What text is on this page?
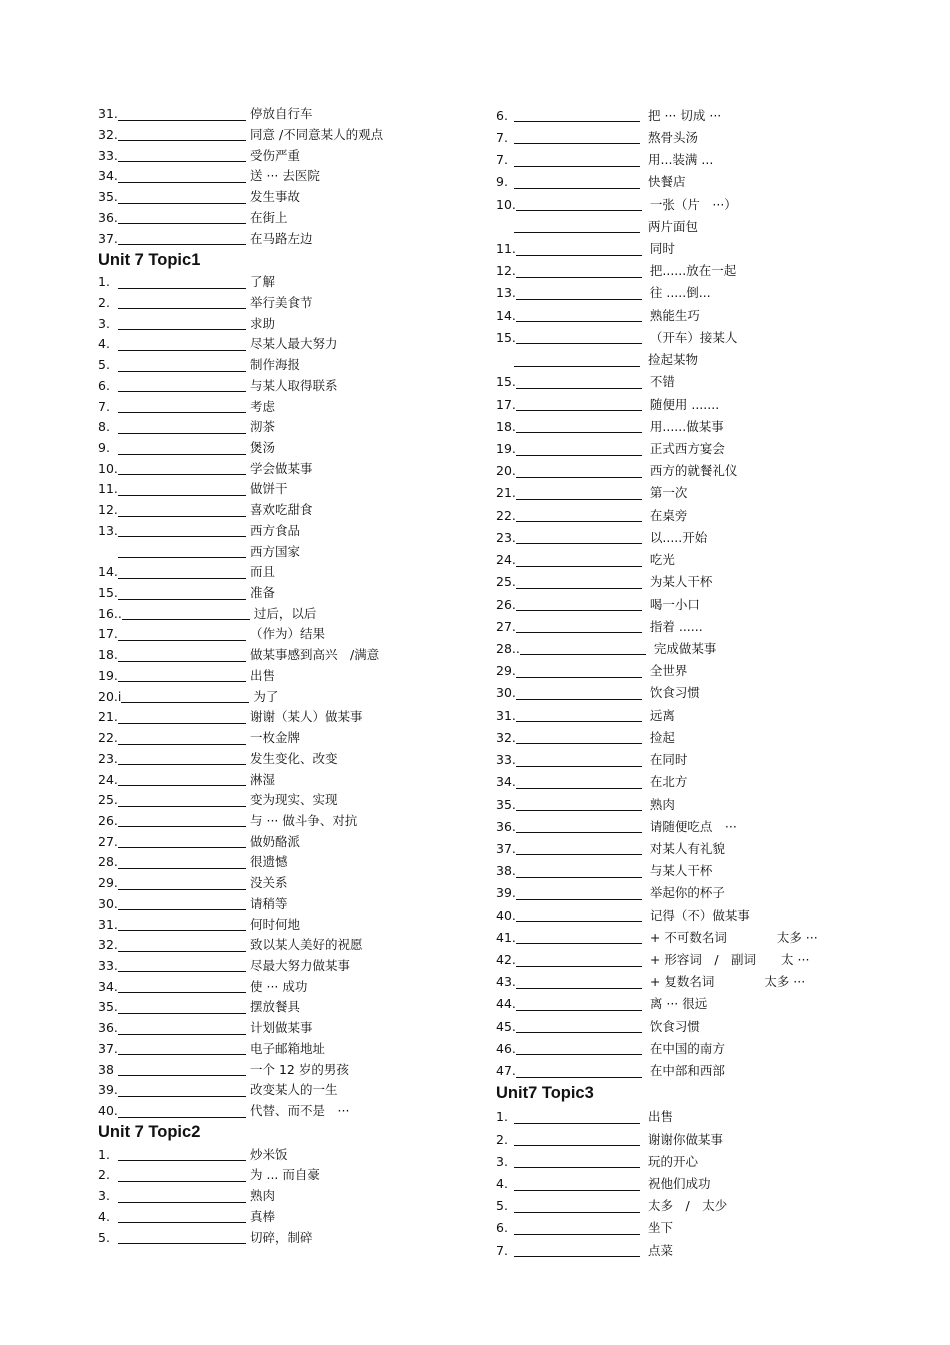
31.	停放自行车
32.	同意 /不同意某人的观点
33.	受伤严重
34.	送 ··· 去医院
35.	发生事故
36.	在街上
37.	在马路左边
Unit 7 Topic1
1.	了解
2.	举行美食节
3.	求助
4.	尽某人最大努力
5.	制作海报
6.	与某人取得联系
7.	考虑
8.	沏茶
9.	煲汤
10.	学会做某事
11.	做饼干
12.	喜欢吃甜食
13.	西方食品
西方国家
14.	而且
15.	准备
16..	过后，以后
17.	（作为）结果
18.	做某事感到高兴　/满意
19.	出售
20.i	为了
21.	谢谢（某人）做某事
22.	一枚金牌
23.	发生变化、改变
24.	淋湿
25.	变为现实、实现
26.	与 ··· 做斗争、对抗
27.	做奶酪派
28.	很遗憾
29.	没关系
30.	请稍等
31.	何时何地
32.	致以某人美好的祝愿
33.	尽最大努力做某事
34.	使 ··· 成功
35.	摆放餐具
36.	计划做某事
37.	电子邮箱地址
38	一个 12 岁的男孩
39.	改变某人的一生
40.	代替、而不是　···
Unit 7 Topic2
1.	炒米饭
2.	为 ... 而自豪
3.	熟肉
4.	真棒
5.	切碎，制碎
6.	把 ··· 切成 ···
7.	熬骨头汤
7.	用...装满 ...
9.	快餐店
10.	一张（片　···）
两片面包
11.	同时
12.	把......放在一起
13.	往 .....倒...
14.	熟能生巧
15.	（开车）接某人
捡起某物
15.	不错
17.	随便用 .......
18.	用......做某事
19.	正式西方宴会
20.	西方的就餐礼仪
21.	第一次
22.	在桌旁
23.	以.....开始
24.	吃光
25.	为某人干杯
26.	喝一小口
27.	指着 ......
28..	完成做某事
29.	全世界
30.	饮食习惯
31.	远离
32.	捡起
33.	在同时
34.	在北方
35.	熟肉
36.	请随便吃点　···
37.	对某人有礼貌
38.	与某人干杯
39.	举起你的杯子
40.	记得（不）做某事
41.	+ 不可数名词　　　　太多 ···
42.	+ 形容词　/　副词　　太 ···
43.	+ 复数名词　　　　太多 ···
44.	离 ··· 很远
45.	饮食习惯
46.	在中国的南方
47.	在中部和西部
Unit7 Topic3
1.	出售
2.	谢谢你做某事
3.	玩的开心
4.	祝他们成功
5.	太多　/　太少
6.	坐下
7.	点菜
